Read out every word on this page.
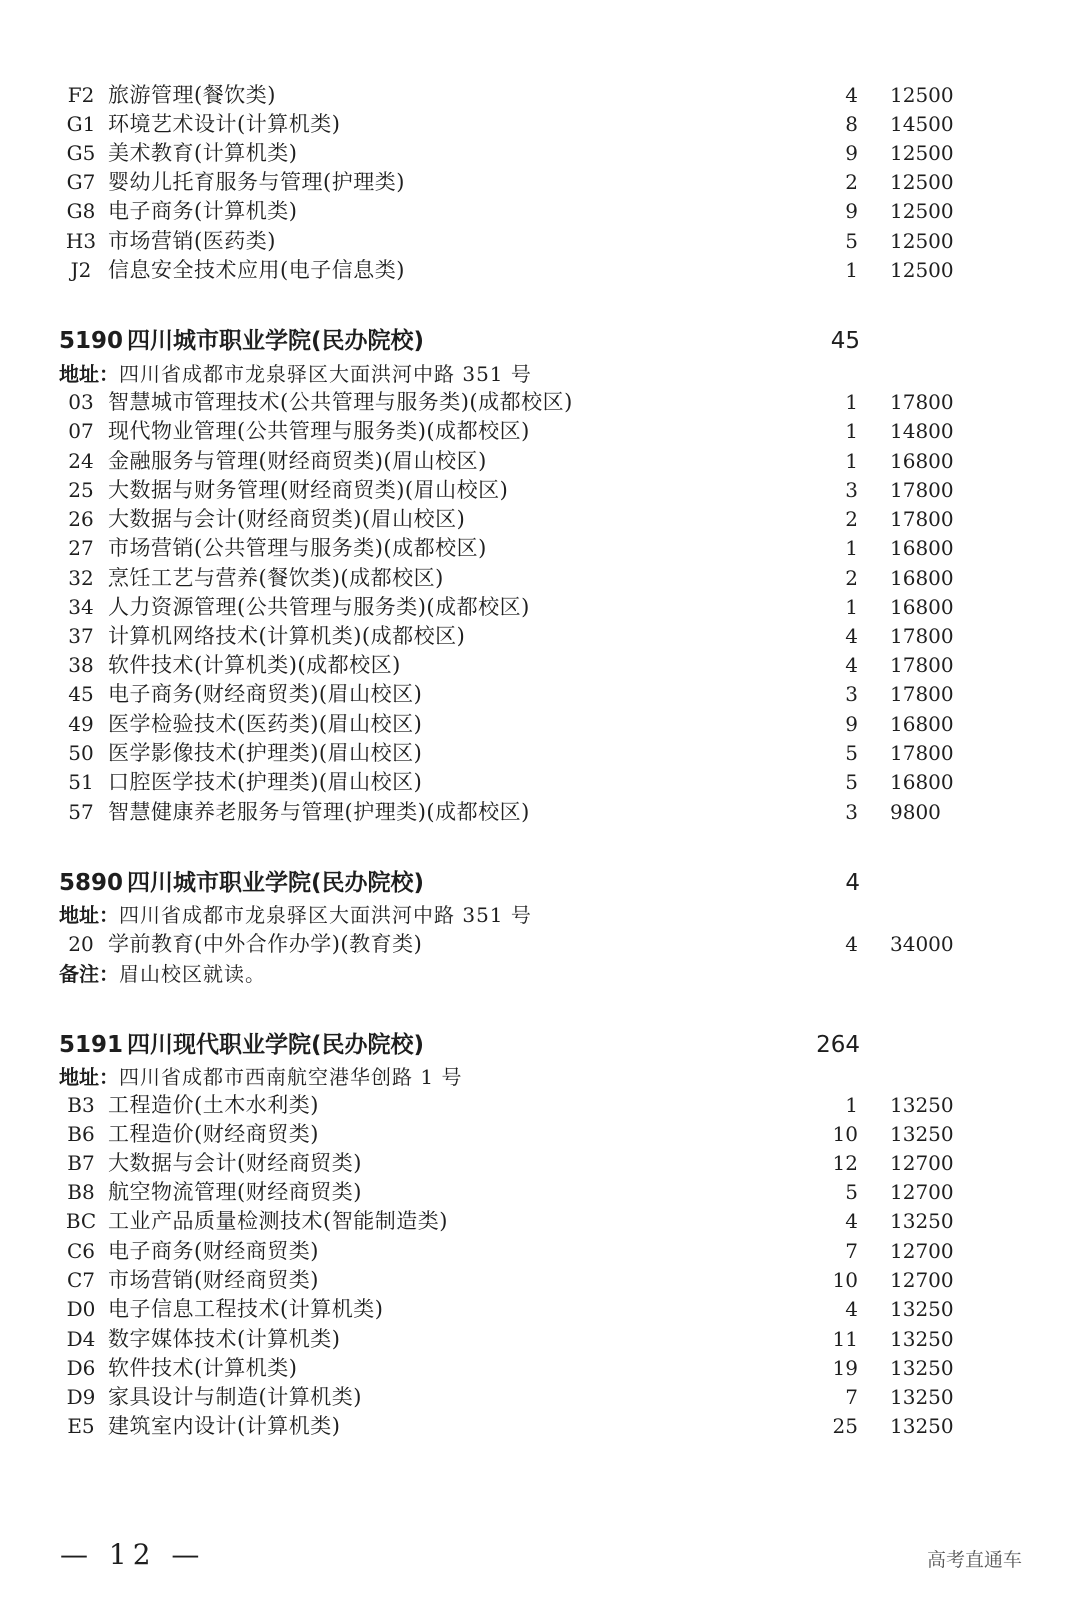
F2 旅游管理(餐饮类)	4 12500
G1 环境艺术设计(计算机类)	8 14500
G5 美术教育(计算机类)	9 12500
G7 婴幼儿托育服务与管理(护理类)	2 12500
G8 电子商务(计算机类)	9 12500
H3 市场营销(医药类)	5 12500
J2 信息安全技术应用(电子信息类)	1 12500
5190 四川城市职业学院(民办院校)	45
地址：四川省成都市龙泉驿区大面洪河中路 351 号
03 智慧城市管理技术(公共管理与服务类)(成都校区)	1 17800
07 现代物业管理(公共管理与服务类)(成都校区)	1 14800
24 金融服务与管理(财经商贸类)(眉山校区)	1 16800
25 大数据与财务管理(财经商贸类)(眉山校区)	3 17800
26 大数据与会计(财经商贸类)(眉山校区)	2 17800
27 市场营销(公共管理与服务类)(成都校区)	1 16800
32 烹饪工艺与营养(餐饮类)(成都校区)	2 16800
34 人力资源管理(公共管理与服务类)(成都校区)	1 16800
37 计算机网络技术(计算机类)(成都校区)	4 17800
38 软件技术(计算机类)(成都校区)	4 17800
45 电子商务(财经商贸类)(眉山校区)	3 17800
49 医学检验技术(医药类)(眉山校区)	9 16800
50 医学影像技术(护理类)(眉山校区)	5 17800
51 口腔医学技术(护理类)(眉山校区)	5 16800
57 智慧健康养老服务与管理(护理类)(成都校区)	3 9800
5890 四川城市职业学院(民办院校)	4
地址：四川省成都市龙泉驿区大面洪河中路 351 号
20 学前教育(中外合作办学)(教育类)	4 34000
备注：眉山校区就读。
5191 四川现代职业学院(民办院校)	264
地址：四川省成都市西南航空港华创路 1 号
B3 工程造价(土木水利类)	1 13250
B6 工程造价(财经商贸类)	10 13250
B7 大数据与会计(财经商贸类)	12 12700
B8 航空物流管理(财经商贸类)	5 12700
BC 工业产品质量检测技术(智能制造类)	4 13250
C6 电子商务(财经商贸类)	7 12700
C7 市场营销(财经商贸类)	10 12700
D0 电子信息工程技术(计算机类)	4 13250
D4 数字媒体技术(计算机类)	11 13250
D6 软件技术(计算机类)	19 13250
D9 家具设计与制造(计算机类)	7 13250
E5 建筑室内设计(计算机类)	25 13250
— 12 —	高考直通车
